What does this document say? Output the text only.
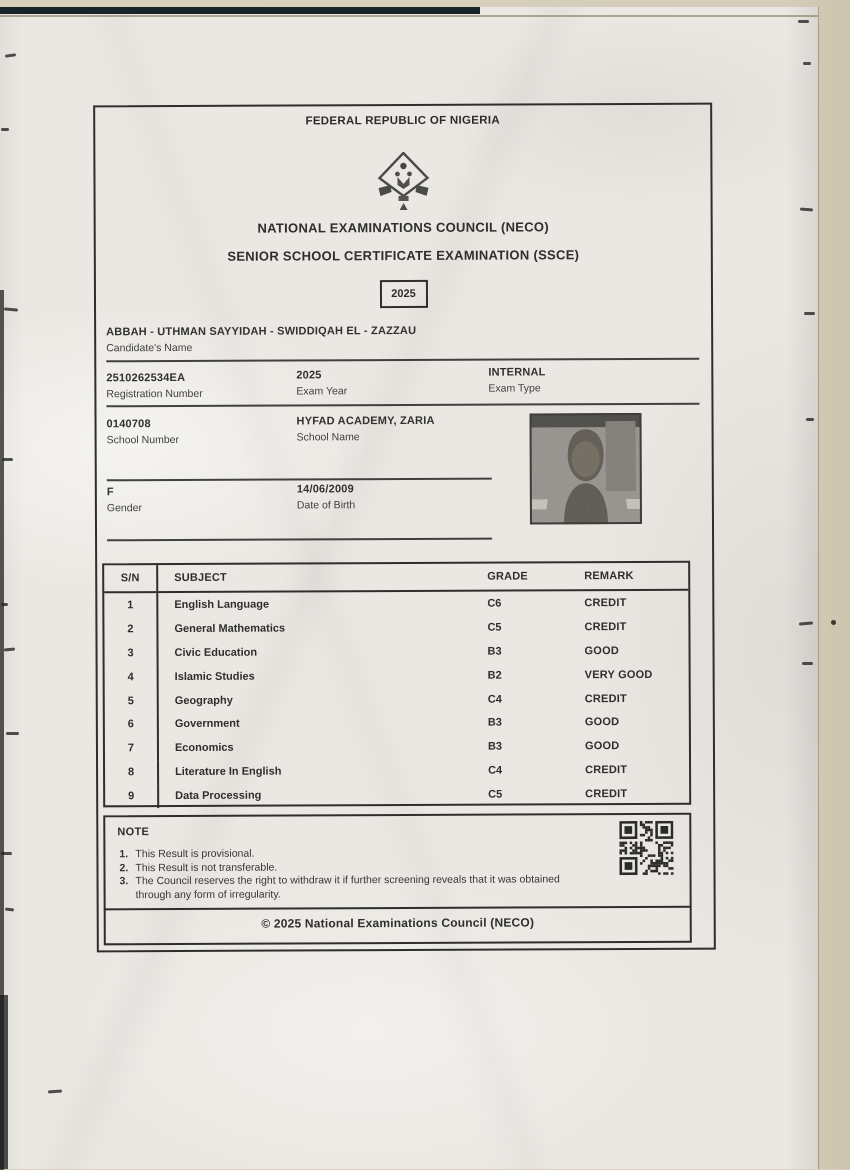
FEDERAL REPUBLIC OF NIGERIA
NATIONAL EXAMINATIONS COUNCIL (NECO)
SENIOR SCHOOL CERTIFICATE EXAMINATION (SSCE)
2025
ABBAH - UTHMAN SAYYIDAH - SWIDDIQAH EL - ZAZZAU
Candidate's Name
2510262534EA
Registration Number
2025
Exam Year
INTERNAL
Exam Type
0140708
School Number
HYFAD ACADEMY, ZARIA
School Name
F
Gender
14/06/2009
Date of Birth
S/N	SUBJECT	GRADE	REMARK
1	English Language	C6	CREDIT
2	General Mathematics	C5	CREDIT
3	Civic Education	B3	GOOD
4	Islamic Studies	B2	VERY GOOD
5	Geography	C4	CREDIT
6	Government	B3	GOOD
7	Economics	B3	GOOD
8	Literature In English	C4	CREDIT
9	Data Processing	C5	CREDIT
NOTE
1. This Result is provisional.
2. This Result is not transferable.
3. The Council reserves the right to withdraw it if further screening reveals that it was obtained through any form of irregularity.
© 2025 National Examinations Council (NECO)
